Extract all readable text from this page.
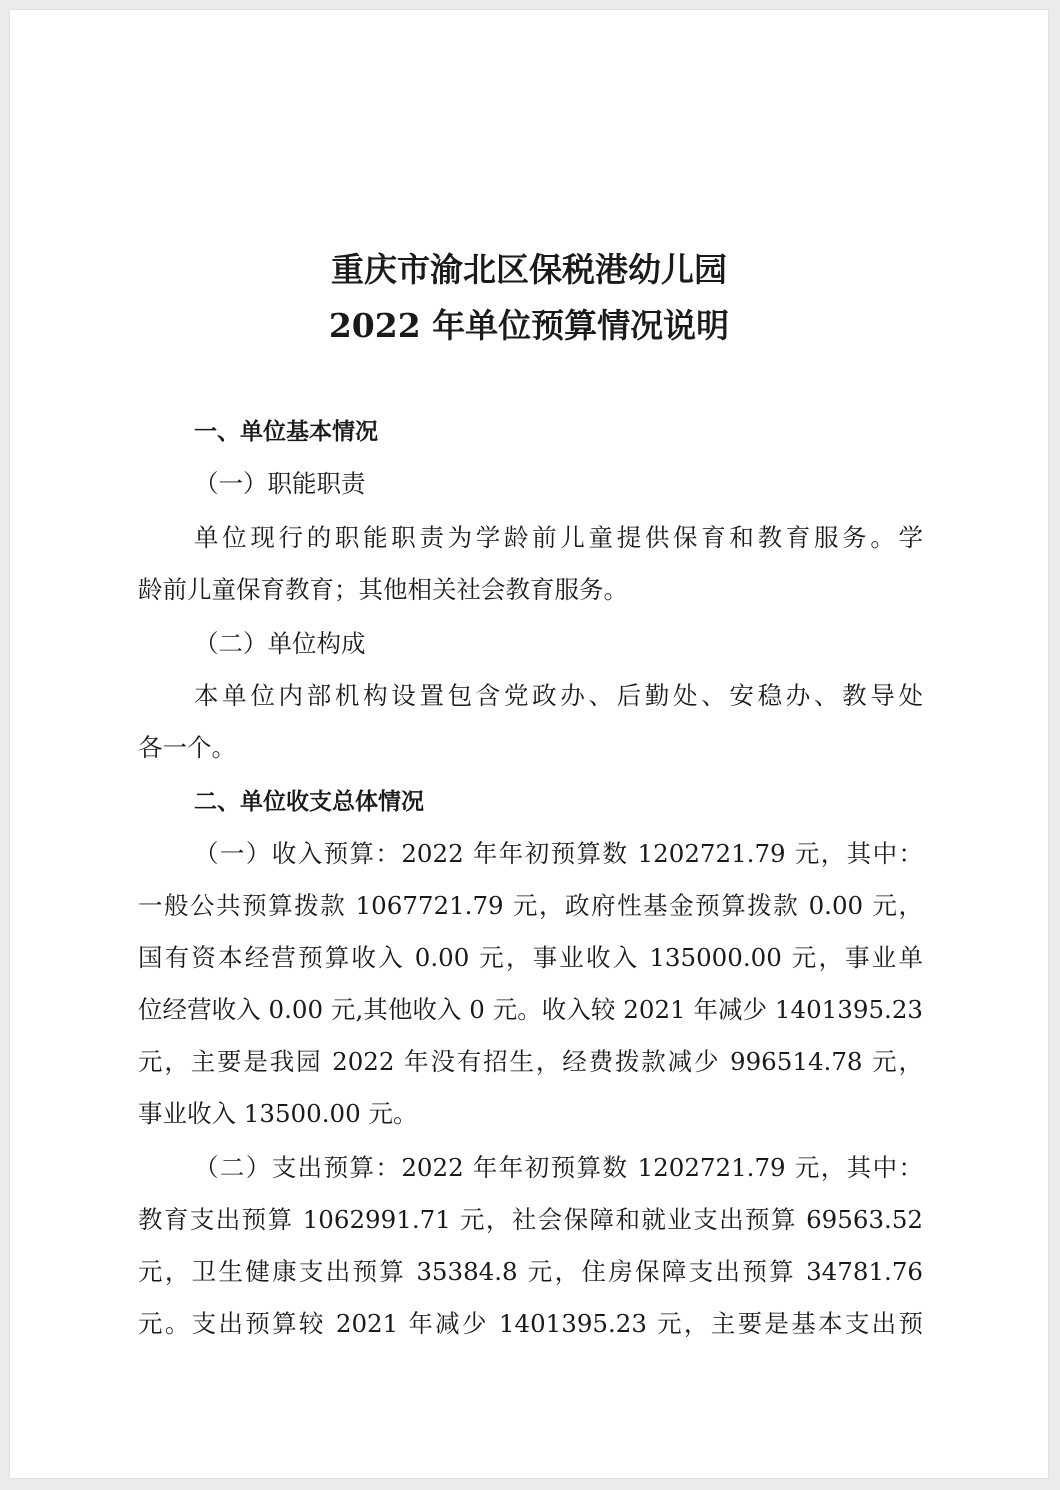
重庆市渝北区保税港幼儿园
2022 年单位预算情况说明
一、单位基本情况
（一）职能职责
单位现行的职能职责为学龄前儿童提供保育和教育服务。学
龄前儿童保育教育；其他相关社会教育服务。
（二）单位构成
本单位内部机构设置包含党政办、后勤处、安稳办、教导处
各一个。
二、单位收支总体情况
（一）收入预算：2022 年年初预算数 1202721.79 元，其中：
一般公共预算拨款 1067721.79 元，政府性基金预算拨款 0.00 元，
国有资本经营预算收入 0.00 元，事业收入 135000.00 元，事业单
位经营收入 0.00 元,其他收入 0 元。收入较 2021 年减少 1401395.23
元，主要是我园 2022 年没有招生，经费拨款减少 996514.78 元，
事业收入 13500.00 元。
（二）支出预算：2022 年年初预算数 1202721.79 元，其中：
教育支出预算 1062991.71 元，社会保障和就业支出预算 69563.52
元，卫生健康支出预算 35384.8 元，住房保障支出预算 34781.76
元。支出预算较 2021 年减少 1401395.23 元，主要是基本支出预
